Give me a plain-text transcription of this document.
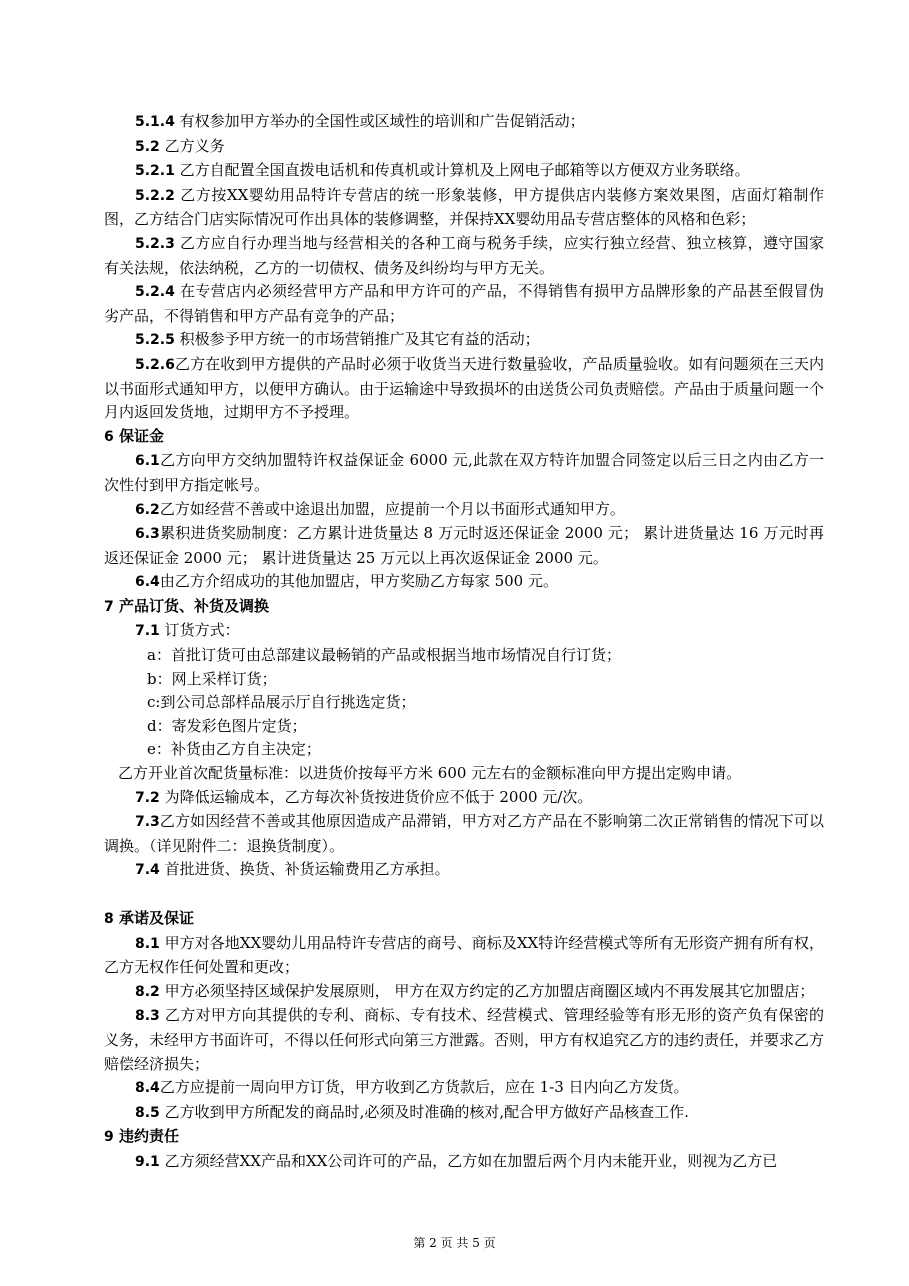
5.1.4 有权参加甲方举办的全国性或区域性的培训和广告促销活动；

5.2 乙方义务

5.2.1 乙方自配置全国直拨电话机和传真机或计算机及上网电子邮箱等以方便双方业务联络。

5.2.2 乙方按XX婴幼用品特许专营店的统一形象装修，甲方提供店内装修方案效果图，店面灯箱制作图，乙方结合门店实际情况可作出具体的装修调整，并保持XX婴幼用品专营店整体的风格和色彩；

5.2.3 乙方应自行办理当地与经营相关的各种工商与税务手续，应实行独立经营、独立核算，遵守国家有关法规，依法纳税，乙方的一切债权、债务及纠纷均与甲方无关。

5.2.4 在专营店内必须经营甲方产品和甲方许可的产品，不得销售有损甲方品牌形象的产品甚至假冒伪劣产品，不得销售和甲方产品有竞争的产品；

5.2.5 积极参予甲方统一的市场营销推广及其它有益的活动；

5.2.6乙方在收到甲方提供的产品时必须于收货当天进行数量验收，产品质量验收。如有问题须在三天内以书面形式通知甲方，以便甲方确认。由于运输途中导致损坏的由送货公司负责赔偿。产品由于质量问题一个月内返回发货地，过期甲方不予授理。

6 保证金

6.1乙方向甲方交纳加盟特许权益保证金 6000 元,此款在双方特许加盟合同签定以后三日之内由乙方一次性付到甲方指定帐号。

6.2乙方如经营不善或中途退出加盟，应提前一个月以书面形式通知甲方。

6.3累积进货奖励制度：乙方累计进货量达 8 万元时返还保证金 2000 元； 累计进货量达 16 万元时再返还保证金 2000 元； 累计进货量达 25 万元以上再次返保证金 2000 元。

6.4由乙方介绍成功的其他加盟店，甲方奖励乙方每家 500 元。

7 产品订货、补货及调换

7.1 订货方式：

a：首批订货可由总部建议最畅销的产品或根据当地市场情况自行订货；

b：网上采样订货；

c:到公司总部样品展示厅自行挑选定货；

d：寄发彩色图片定货；

e：补货由乙方自主决定；

乙方开业首次配货量标准：以进货价按每平方米 600 元左右的金额标准向甲方提出定购申请。

7.2 为降低运输成本，乙方每次补货按进货价应不低于 2000 元/次。

7.3乙方如因经营不善或其他原因造成产品滞销，甲方对乙方产品在不影响第二次正常销售的情况下可以调换。（详见附件二：退换货制度）。

7.4 首批进货、换货、补货运输费用乙方承担。

8 承诺及保证

8.1 甲方对各地XX婴幼儿用品特许专营店的商号、商标及XX特许经营模式等所有无形资产拥有所有权，乙方无权作任何处置和更改；

8.2 甲方必须坚持区域保护发展原则， 甲方在双方约定的乙方加盟店商圈区域内不再发展其它加盟店；

8.3 乙方对甲方向其提供的专利、商标、专有技术、经营模式、管理经验等有形无形的资产负有保密的义务，未经甲方书面许可，不得以任何形式向第三方泄露。否则，甲方有权追究乙方的违约责任，并要求乙方赔偿经济损失；

8.4乙方应提前一周向甲方订货，甲方收到乙方货款后，应在 1-3 日内向乙方发货。

8.5 乙方收到甲方所配发的商品时,必须及时准确的核对,配合甲方做好产品核查工作.

9 违约责任

9.1 乙方须经营XX产品和XX公司许可的产品，乙方如在加盟后两个月内未能开业，则视为乙方已

第 2 页 共 5 页
